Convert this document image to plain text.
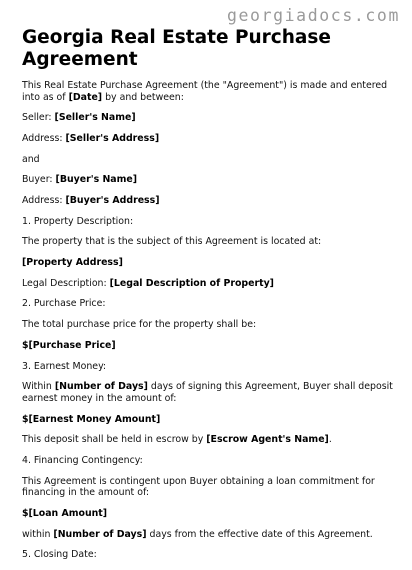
georgiadocs.com
Georgia Real Estate Purchase Agreement

This Real Estate Purchase Agreement (the "Agreement") is made and entered into as of [Date] by and between:

Seller: [Seller's Name]

Address: [Seller's Address]

and

Buyer: [Buyer's Name]

Address: [Buyer's Address]

1. Property Description:

The property that is the subject of this Agreement is located at:

[Property Address]

Legal Description: [Legal Description of Property]

2. Purchase Price:

The total purchase price for the property shall be:

$[Purchase Price]

3. Earnest Money:

Within [Number of Days] days of signing this Agreement, Buyer shall deposit earnest money in the amount of:

$[Earnest Money Amount]

This deposit shall be held in escrow by [Escrow Agent's Name].

4. Financing Contingency:

This Agreement is contingent upon Buyer obtaining a loan commitment for financing in the amount of:

$[Loan Amount]

within [Number of Days] days from the effective date of this Agreement.

5. Closing Date:
